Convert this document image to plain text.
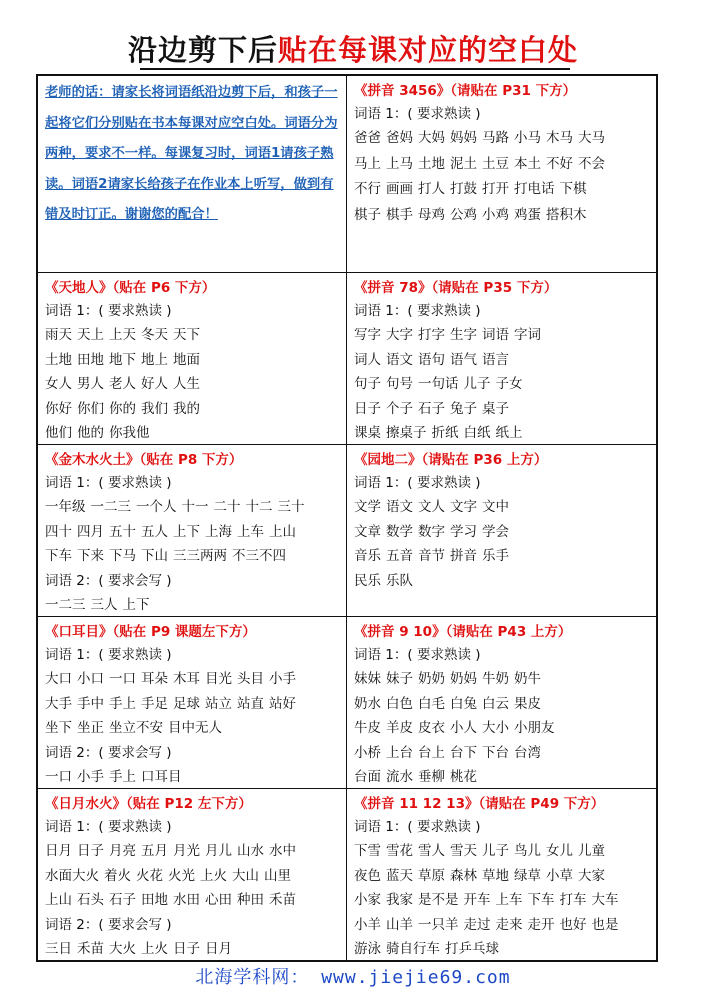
沿边剪下后贴在每课对应的空白处
老师的话：请家长将词语纸沿边剪下后，和孩子一起将它们分别贴在书本每课对应空白处。词语分为两种，要求不一样。每课复习时，词语1请孩子熟读。词语2请家长给孩子在作业本上听写，做到有错及时订正。谢谢您的配合！
《拼音 3456》（请贴在 P31 下方）
词语 1：( 要求熟读 )
爸爸 爸妈 大妈 妈妈 马路 小马 木马 大马
马上 上马 土地 泥土 土豆 本土 不好 不会
不行 画画 打人 打鼓 打开 打电话 下棋
棋子 棋手 母鸡 公鸡 小鸡 鸡蛋 搭积木
《天地人》（贴在 P6 下方）
词语 1：( 要求熟读 )
雨天 天上 上天 冬天 天下
土地 田地 地下 地上 地面
女人 男人 老人 好人 人生
你好 你们 你的 我们 我的
他们 他的 你我他
《拼音 78》（请贴在 P35 下方）
词语 1：( 要求熟读 )
写字 大字 打字 生字 词语 字词
词人 语文 语句 语气 语言
句子 句号 一句话 儿子 子女
日子 个子 石子 兔子 桌子
课桌 擦桌子 折纸 白纸 纸上
《金木水火土》（贴在 P8 下方）
词语 1：( 要求熟读 )
一年级 一二三 一个人 十一 二十 十二 三十
四十 四月 五十 五人 上下 上海 上车 上山
下车 下来 下马 下山 三三两两 不三不四
词语 2：( 要求会写 )
一二三 三人 上下
《园地二》（请贴在 P36 上方）
词语 1：( 要求熟读 )
文学 语文 文人 文字 文中
文章 数学 数字 学习 学会
音乐 五音 音节 拼音 乐手
民乐 乐队
《口耳目》（贴在 P9 课题左下方）
词语 1：( 要求熟读 )
大口 小口 一口 耳朵 木耳 目光 头目 小手
大手 手中 手上 手足 足球 站立 站直 站好
坐下 坐正 坐立不安 目中无人
词语 2：( 要求会写 )
一口 小手 手上 口耳目
《拼音 9 10》（请贴在 P43 上方）
词语 1：( 要求熟读 )
妹妹 妹子 奶奶 奶妈 牛奶 奶牛
奶水 白色 白毛 白兔 白云 果皮
牛皮 羊皮 皮衣 小人 大小 小朋友
小桥 上台 台上 台下 下台 台湾
台面 流水 垂柳 桃花
《日月水火》（贴在 P12 左下方）
词语 1：( 要求熟读 )
日月 日子 月亮 五月 月光 月儿 山水 水中
水面大火 着火 火花 火光 上火 大山 山里
上山 石头 石子 田地 水田 心田 种田 禾苗
词语 2：( 要求会写 )
三日 禾苗 大火 上火 日子 日月
《拼音 11 12 13》（请贴在 P49 下方）
词语 1：( 要求熟读 )
下雪 雪花 雪人 雪天 儿子 鸟儿 女儿 儿童
夜色 蓝天 草原 森林 草地 绿草 小草 大家
小家 我家 是不是 开车 上车 下车 打车 大车
小羊 山羊 一只羊 走过 走来 走开 也好 也是
游泳 骑自行车 打乒乓球
北海学科网： www.jiejie69.com
